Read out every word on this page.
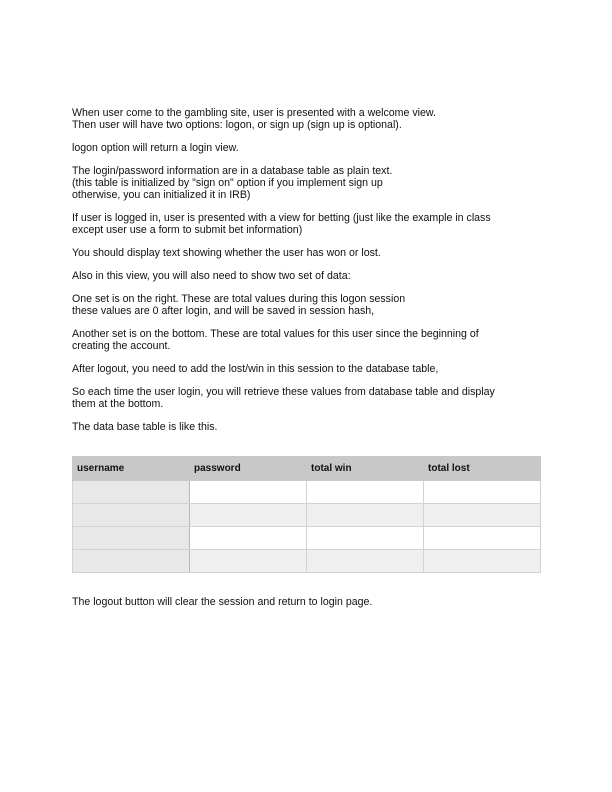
When user come to the gambling site, user is presented with a welcome view.
Then user will have two options: logon, or sign up (sign up is optional).

logon option will return a login view.

The login/password information are in a database table as plain text.
(this table is initialized by "sign on" option if you implement sign up
otherwise, you can initialized it in IRB)

If user is logged in, user is presented with a view for betting (just like the example in class
except user use a form to submit bet information)

You should display text showing whether the user has won or lost.

Also in this view, you will also need to show two set of data:

One set is on the right. These are total values during this logon session
these values are 0 after login, and will be saved in session hash,

Another set is on the bottom. These are total values for this user since the beginning of
creating the account.

After logout, you need to add the lost/win in this session to the database table,

So each time the user login, you will retrieve these values from database table and display
them at the bottom.

The data base table is like this.

username	password	total win	total lost

The logout button will clear the session and return to login page.
